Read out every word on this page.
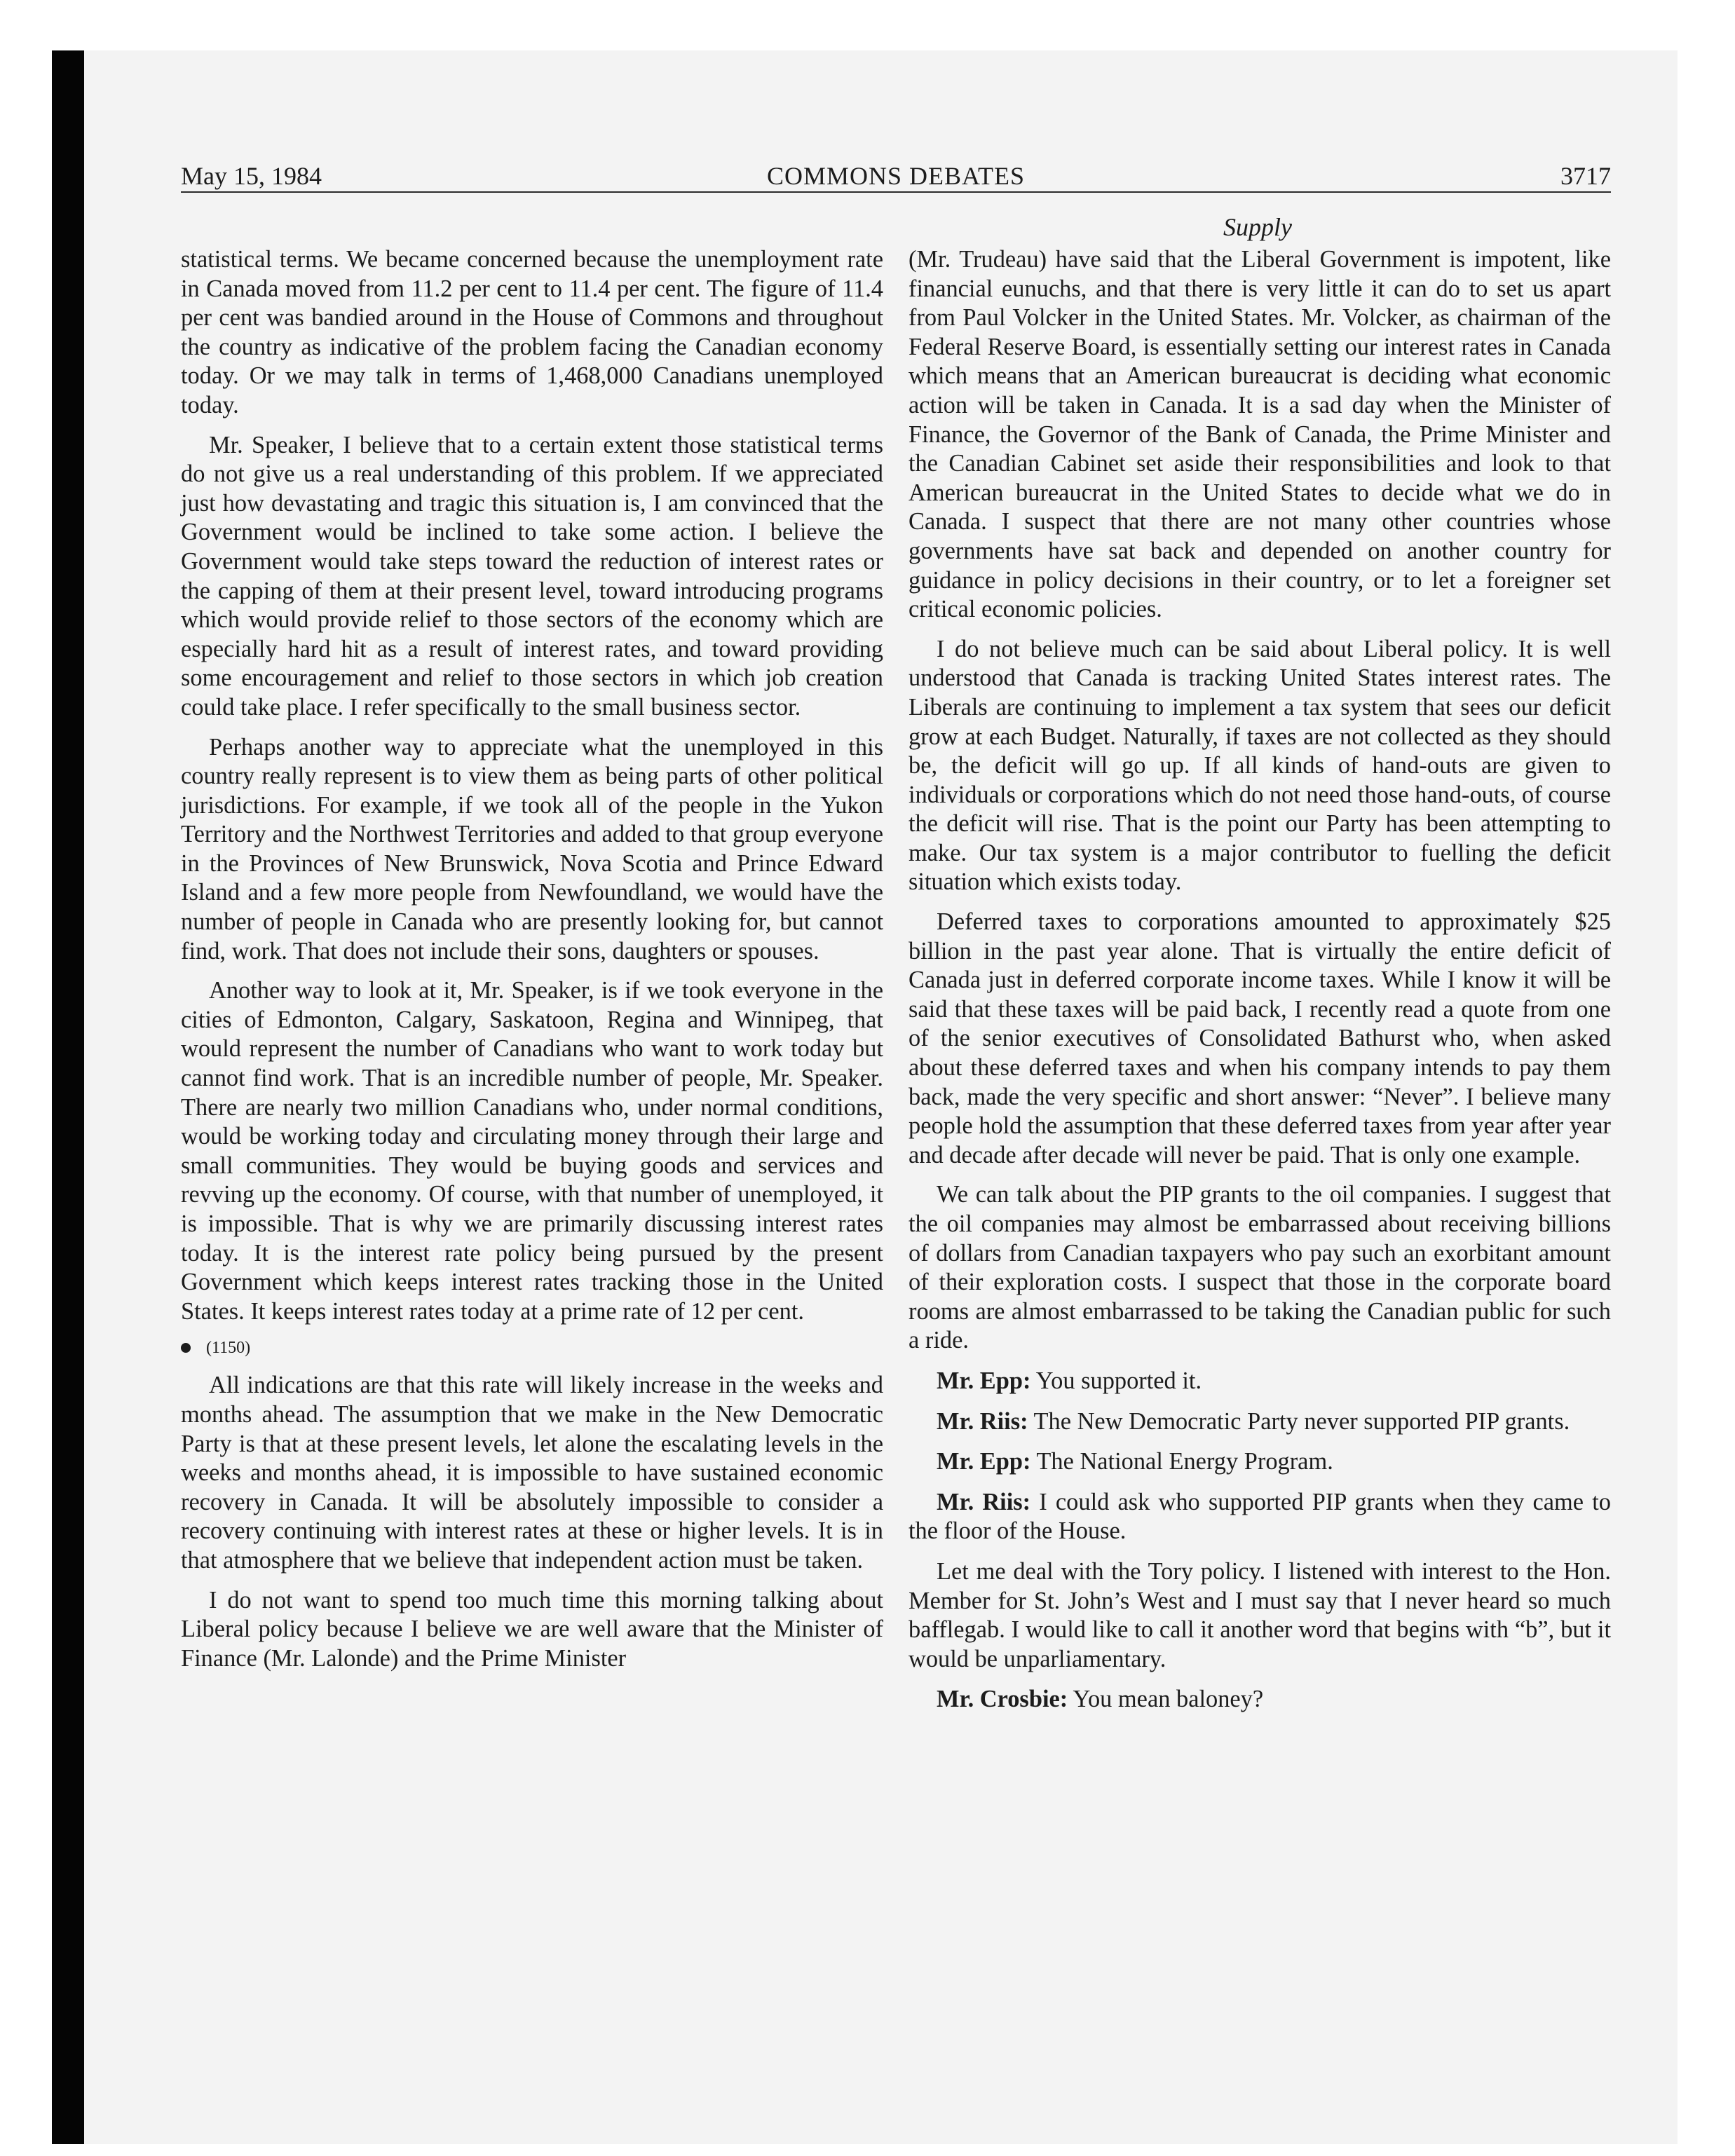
May 15, 1984	COMMONS DEBATES	3717
Supply

statistical terms. We became concerned because the unemployment rate in Canada moved from 11.2 per cent to 11.4 per cent. The figure of 11.4 per cent was bandied around in the House of Commons and throughout the country as indicative of the problem facing the Canadian economy today. Or we may talk in terms of 1,468,000 Canadians unemployed today.

Mr. Speaker, I believe that to a certain extent those statistical terms do not give us a real understanding of this problem. If we appreciated just how devastating and tragic this situation is, I am convinced that the Government would be inclined to take some action. I believe the Government would take steps toward the reduction of interest rates or the capping of them at their present level, toward introducing programs which would provide relief to those sectors of the economy which are especially hard hit as a result of interest rates, and toward providing some encouragement and relief to those sectors in which job creation could take place. I refer specifically to the small business sector.

Perhaps another way to appreciate what the unemployed in this country really represent is to view them as being parts of other political jurisdictions. For example, if we took all of the people in the Yukon Territory and the Northwest Territories and added to that group everyone in the Provinces of New Brunswick, Nova Scotia and Prince Edward Island and a few more people from Newfoundland, we would have the number of people in Canada who are presently looking for, but cannot find, work. That does not include their sons, daughters or spouses.

Another way to look at it, Mr. Speaker, is if we took everyone in the cities of Edmonton, Calgary, Saskatoon, Regina and Winnipeg, that would represent the number of Canadians who want to work today but cannot find work. That is an incredible number of people, Mr. Speaker. There are nearly two million Canadians who, under normal conditions, would be working today and circulating money through their large and small communities. They would be buying goods and services and revving up the economy. Of course, with that number of unemployed, it is impossible. That is why we are primarily discussing interest rates today. It is the interest rate policy being pursued by the present Government which keeps interest rates tracking those in the United States. It keeps interest rates today at a prime rate of 12 per cent.

(1150)

All indications are that this rate will likely increase in the weeks and months ahead. The assumption that we make in the New Democratic Party is that at these present levels, let alone the escalating levels in the weeks and months ahead, it is impossible to have sustained economic recovery in Canada. It will be absolutely impossible to consider a recovery continuing with interest rates at these or higher levels. It is in that atmosphere that we believe that independent action must be taken.

I do not want to spend too much time this morning talking about Liberal policy because I believe we are well aware that the Minister of Finance (Mr. Lalonde) and the Prime Minister

(Mr. Trudeau) have said that the Liberal Government is impotent, like financial eunuchs, and that there is very little it can do to set us apart from Paul Volcker in the United States. Mr. Volcker, as chairman of the Federal Reserve Board, is essentially setting our interest rates in Canada which means that an American bureaucrat is deciding what economic action will be taken in Canada. It is a sad day when the Minister of Finance, the Governor of the Bank of Canada, the Prime Minister and the Canadian Cabinet set aside their responsibilities and look to that American bureaucrat in the United States to decide what we do in Canada. I suspect that there are not many other countries whose governments have sat back and depended on another country for guidance in policy decisions in their country, or to let a foreigner set critical economic policies.

I do not believe much can be said about Liberal policy. It is well understood that Canada is tracking United States interest rates. The Liberals are continuing to implement a tax system that sees our deficit grow at each Budget. Naturally, if taxes are not collected as they should be, the deficit will go up. If all kinds of hand-outs are given to individuals or corporations which do not need those hand-outs, of course the deficit will rise. That is the point our Party has been attempting to make. Our tax system is a major contributor to fuelling the deficit situation which exists today.

Deferred taxes to corporations amounted to approximately $25 billion in the past year alone. That is virtually the entire deficit of Canada just in deferred corporate income taxes. While I know it will be said that these taxes will be paid back, I recently read a quote from one of the senior executives of Consolidated Bathurst who, when asked about these deferred taxes and when his company intends to pay them back, made the very specific and short answer: “Never”. I believe many people hold the assumption that these deferred taxes from year after year and decade after decade will never be paid. That is only one example.

We can talk about the PIP grants to the oil companies. I suggest that the oil companies may almost be embarrassed about receiving billions of dollars from Canadian taxpayers who pay such an exorbitant amount of their exploration costs. I suspect that those in the corporate board rooms are almost embarrassed to be taking the Canadian public for such a ride.

Mr. Epp: You supported it.

Mr. Riis: The New Democratic Party never supported PIP grants.

Mr. Epp: The National Energy Program.

Mr. Riis: I could ask who supported PIP grants when they came to the floor of the House.

Let me deal with the Tory policy. I listened with interest to the Hon. Member for St. John’s West and I must say that I never heard so much bafflegab. I would like to call it another word that begins with “b”, but it would be unparliamentary.

Mr. Crosbie: You mean baloney?
